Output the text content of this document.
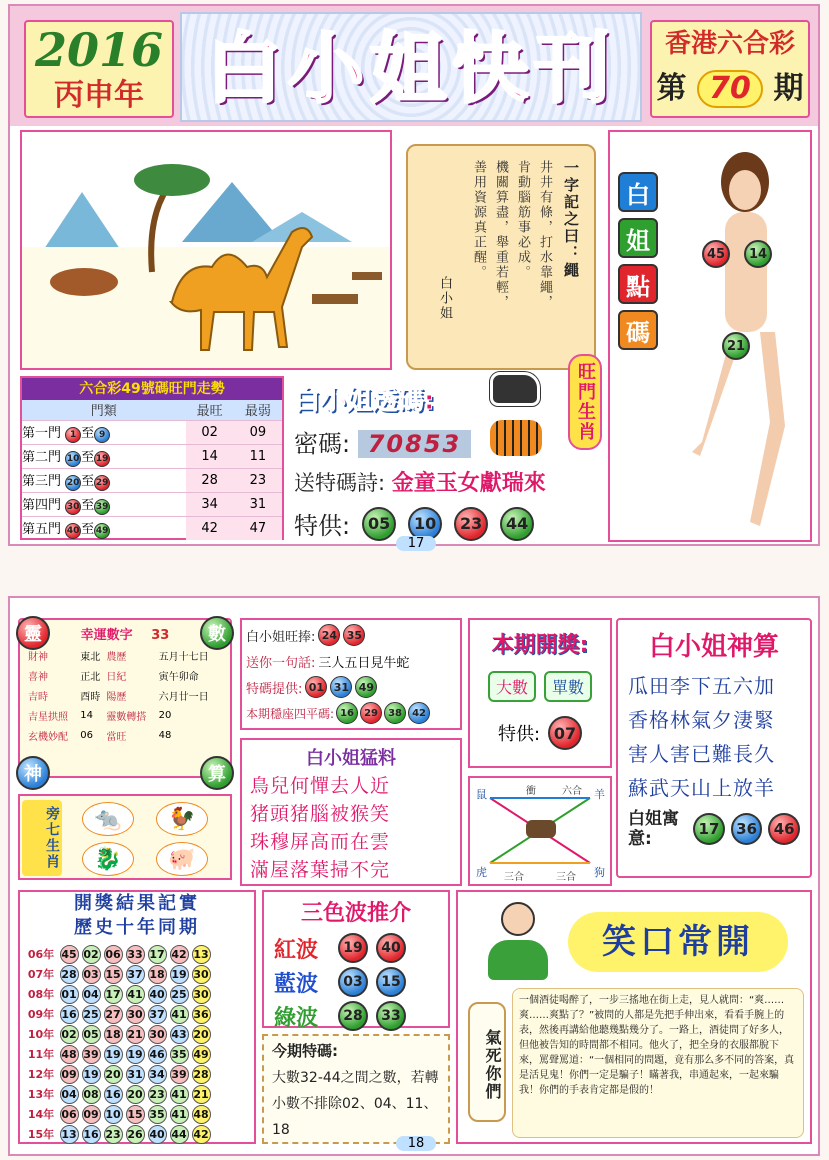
2016
丙申年 白小姐快刊	香港六合彩
第 70 期
一字記之曰：繩
井井有條，打水靠繩，
肯動腦筋事必成。
機關算盡，舉重若輕，
善用資源真正醒。
白小姐
白 姐 點 碼
45	14
21
六合彩49號碼旺門走勢
門類	最旺	最弱
第一門 1 至 9	02	09
第二門 10 至 19	14	11
第三門 20 至 29	28	23
第四門 30 至 39	34	31
第五門 40 至 49	42	47
白小姐透碼:
密碼: 70853
送特碼詩: 金童玉女獻瑞來
特供:	05	10	23	44
旺門生肖
17
靈	數
神	算
幸運數字 33
財神	東北	農歷	五月十七日
喜神	正北	日紀	寅午卯命
吉時	酉時	陽歷	六月廿一日
吉星拱照	14	靈數轉搭	20
玄機妙配	06	當旺	48
旁七生肖	🐀	🐓
🐉	🐖
白小姐旺捧: 24 35
送你一句話: 三人五日見牛蛇
特碼提供: 01 31 49
本期穩座四平碼: 16	29	38	42
本期開獎:
大數	單數
特供: 07
白小姐神算
瓜田李下五六加
香格林氣夕淒緊
害人害已難長久
蘇武天山上放羊
白姐寓意:	17	36	46
白小姐猛料
鳥兒何憚去人近
猪頭猪腦被猴笑
珠穆屏高而在雲
滿屋落葉掃不完
鼠	衝	六合 羊
虎 三合	三合 狗
開獎結果記實
歷史十年同期
06年	45	02	06	33	17	42	13
07年	28	03	15	37	18	19	30
08年	01	04	17	41	40	25	30
09年	16	25	27	30	37	41	36
10年	02	05	18	21	30	43	20
11年	48	39	19	19	46	35	49
12年	09	19	20	31	34	39	28
13年	04	08	16	20	23	41	21
14年	06	09	10	15	35	41	48
15年	13	16	23	26	40	44	42
三色波推介
紅波	19	40
藍波	03	15
綠波	28	33
今期特碼:
大數32-44之間之數，若轉小數不排除02、04、11、18
笑口常開
氣死你們
一個酒徒喝醉了，一步三搖地在街上走，見人就問：“爽……爽……爽點了？”被問的人都是先把手伸出來，看看手腕上的表，然後再講給他聽幾點幾分了。一路上，酒徒問了好多人，但他被告知的時間都不相同。他火了，把全身的衣服都脫下來，罵聲罵道：“一個相同的問題，竟有那么多不同的答案，真是活見鬼！你們一定是騙子！瞞著我，串通起來，一起來騙我！你們的手表肯定都是假的！
18
